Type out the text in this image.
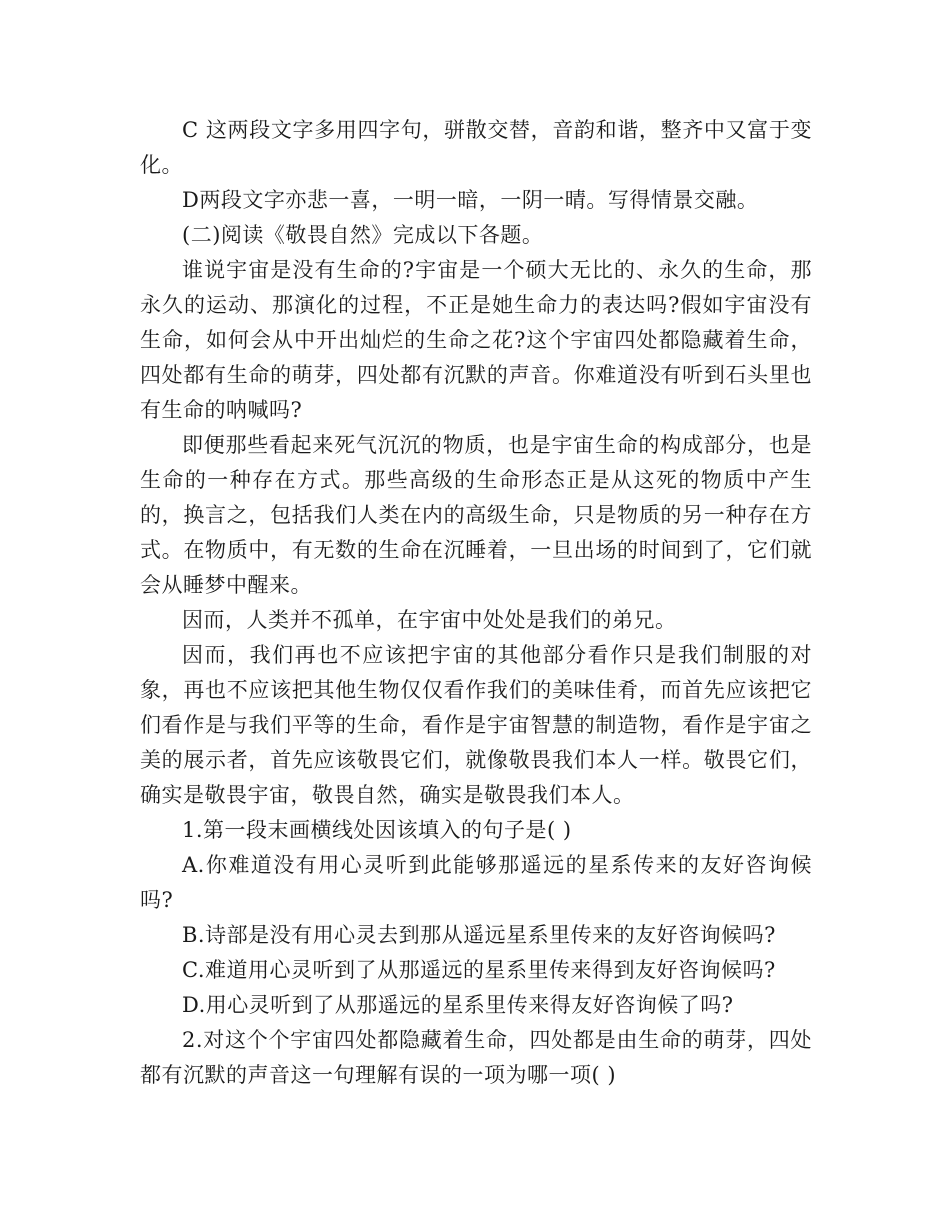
C 这两段文字多用四字句，骈散交替，音韵和谐，整齐中又富于变化。

D两段文字亦悲一喜，一明一暗，一阴一晴。写得情景交融。

(二)阅读《敬畏自然》完成以下各题。

谁说宇宙是没有生命的?宇宙是一个硕大无比的、永久的生命，那永久的运动、那演化的过程，不正是她生命力的表达吗?假如宇宙没有生命，如何会从中开出灿烂的生命之花?这个宇宙四处都隐藏着生命，四处都有生命的萌芽，四处都有沉默的声音。你难道没有听到石头里也有生命的呐喊吗?

即便那些看起来死气沉沉的物质，也是宇宙生命的构成部分，也是生命的一种存在方式。那些高级的生命形态正是从这死的物质中产生的，换言之，包括我们人类在内的高级生命，只是物质的另一种存在方式。在物质中，有无数的生命在沉睡着，一旦出场的时间到了，它们就会从睡梦中醒来。

因而，人类并不孤单，在宇宙中处处是我们的弟兄。

因而，我们再也不应该把宇宙的其他部分看作只是我们制服的对象，再也不应该把其他生物仅仅看作我们的美味佳肴，而首先应该把它们看作是与我们平等的生命，看作是宇宙智慧的制造物，看作是宇宙之美的展示者，首先应该敬畏它们，就像敬畏我们本人一样。敬畏它们，确实是敬畏宇宙，敬畏自然，确实是敬畏我们本人。

1.第一段末画横线处因该填入的句子是( )

A.你难道没有用心灵听到此能够那遥远的星系传来的友好咨询候吗?

B.诗部是没有用心灵去到那从遥远星系里传来的友好咨询候吗?

C.难道用心灵听到了从那遥远的星系里传来得到友好咨询候吗?

D.用心灵听到了从那遥远的星系里传来得友好咨询候了吗?

2.对这个个宇宙四处都隐藏着生命，四处都是由生命的萌芽，四处都有沉默的声音这一句理解有误的一项为哪一项( )
